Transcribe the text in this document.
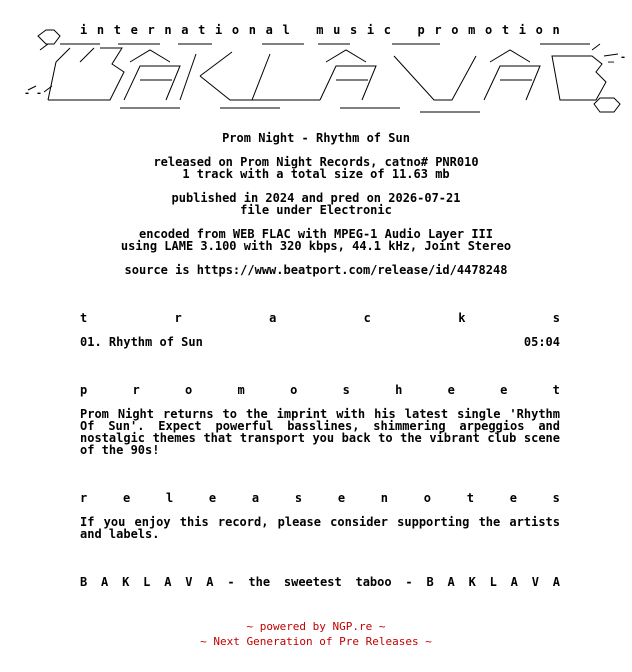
- -
_ -
i n t e r n a t i o n a l
m u s i c
p r o m o t i o n
Prom Night - Rhythm of Sun
released on Prom Night Records, catno# PNR010
1 track with a total size of 11.63 mb
published in 2024 and pred on 2026-07-21
file under Electronic
encoded from WEB FLAC with MPEG-1 Audio Layer III
using LAME 3.100 with 320 kbps, 44.1 kHz, Joint Stereo
source is https://www.beatport.com/release/id/4478248
t	r	a	c	k	s
01. Rhythm of Sun	05:04
p	r	o	m	o	s	h	e	e	t
Prom Night returns to the imprint with his latest single 'Rhythm Of Sun'. Expect powerful basslines, shimmering arpeggios and nostalgic themes that transport you back to the vibrant club scene of the 90s!
r	e	l	e	a	s	e	n	o	t	e	s
If you enjoy this record, please consider supporting the artists and labels.
B A K L A V A - the sweetest taboo - B A K L A V A
~ powered by NGP.re ~
~ Next Generation of Pre Releases ~
